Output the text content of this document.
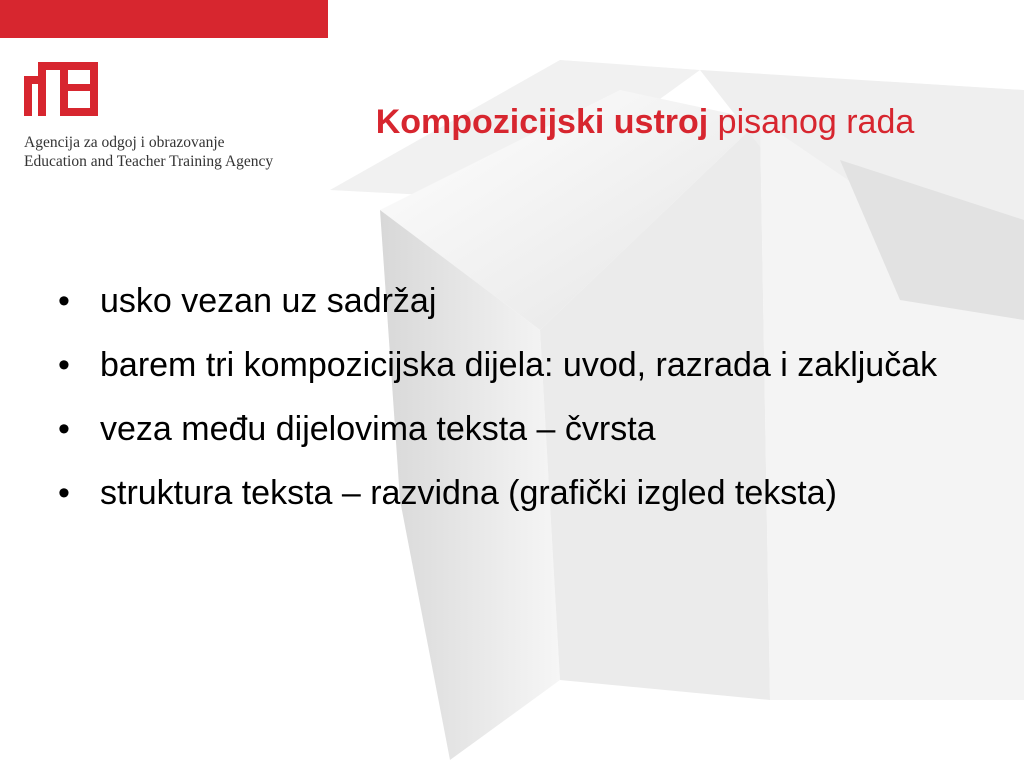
Agencija za odgoj i obrazovanje
Education and Teacher Training Agency
Kompozicijski ustroj pisanog rada
• usko vezan uz sadržaj
• barem tri kompozicijska dijela: uvod, razrada i zaključak
• veza među dijelovima teksta – čvrsta
• struktura teksta – razvidna (grafički izgled teksta)
